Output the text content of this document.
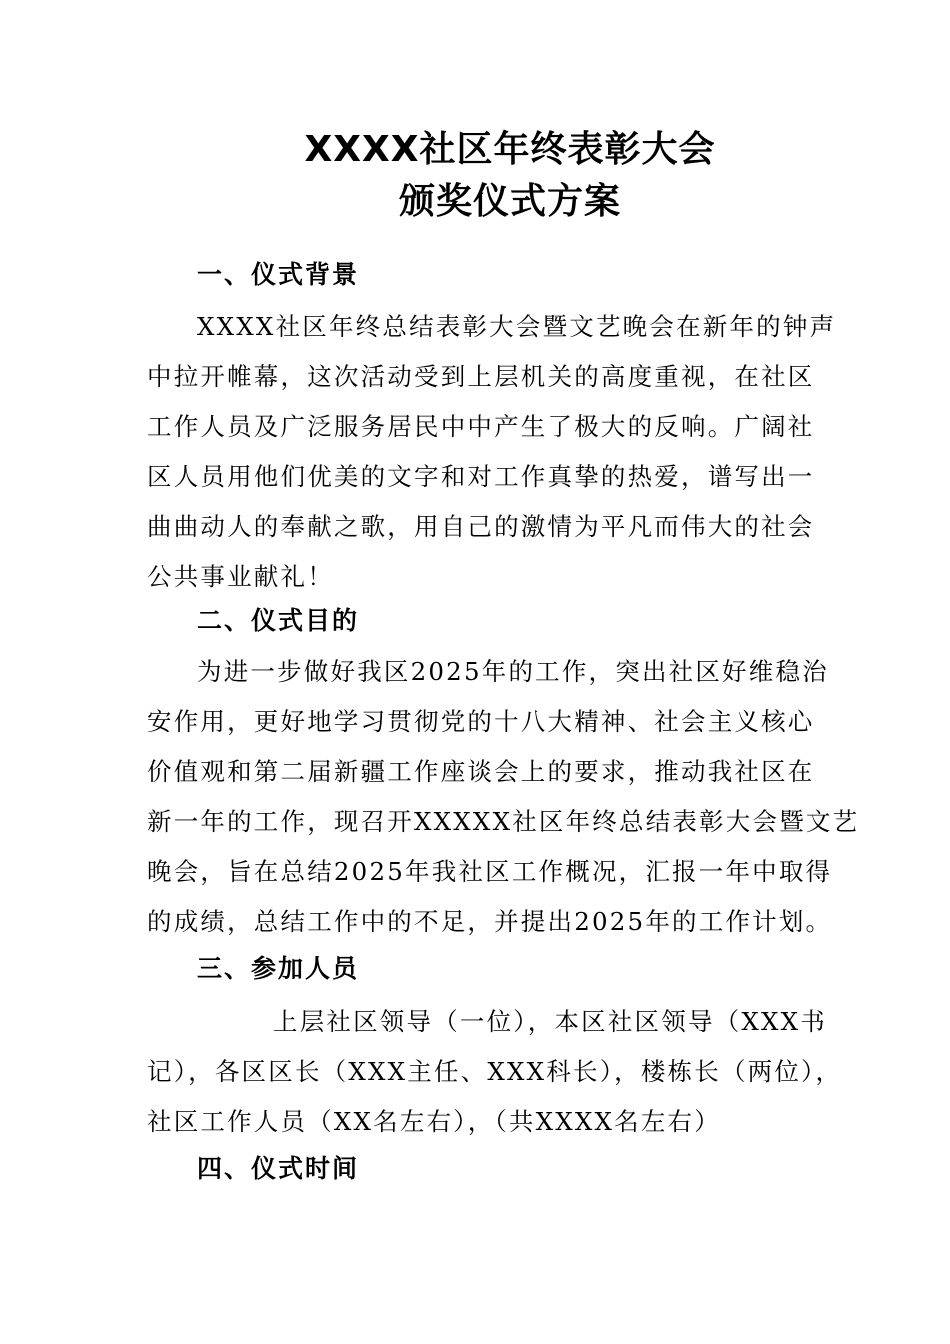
XXXX社区年终表彰大会
颁奖仪式方案
一、仪式背景
XXXX社区年终总结表彰大会暨文艺晚会在新年的钟声
中拉开帷幕，这次活动受到上层机关的高度重视，在社区
工作人员及广泛服务居民中中产生了极大的反响。广阔社
区人员用他们优美的文字和对工作真挚的热爱，谱写出一
曲曲动人的奉献之歌，用自己的激情为平凡而伟大的社会
公共事业献礼！
二、仪式目的
为进一步做好我区2025年的工作，突出社区好维稳治
安作用，更好地学习贯彻党的十八大精神、社会主义核心
价值观和第二届新疆工作座谈会上的要求，推动我社区在
新一年的工作，现召开XXXXX社区年终总结表彰大会暨文艺
晚会，旨在总结2025年我社区工作概况，汇报一年中取得
的成绩，总结工作中的不足，并提出2025年的工作计划。
三、参加人员
上层社区领导（一位），本区社区领导（XXX书
记），各区区长（XXX主任、XXX科长），楼栋长（两位），
社区工作人员（XX名左右），（共XXXX名左右）
四、仪式时间
